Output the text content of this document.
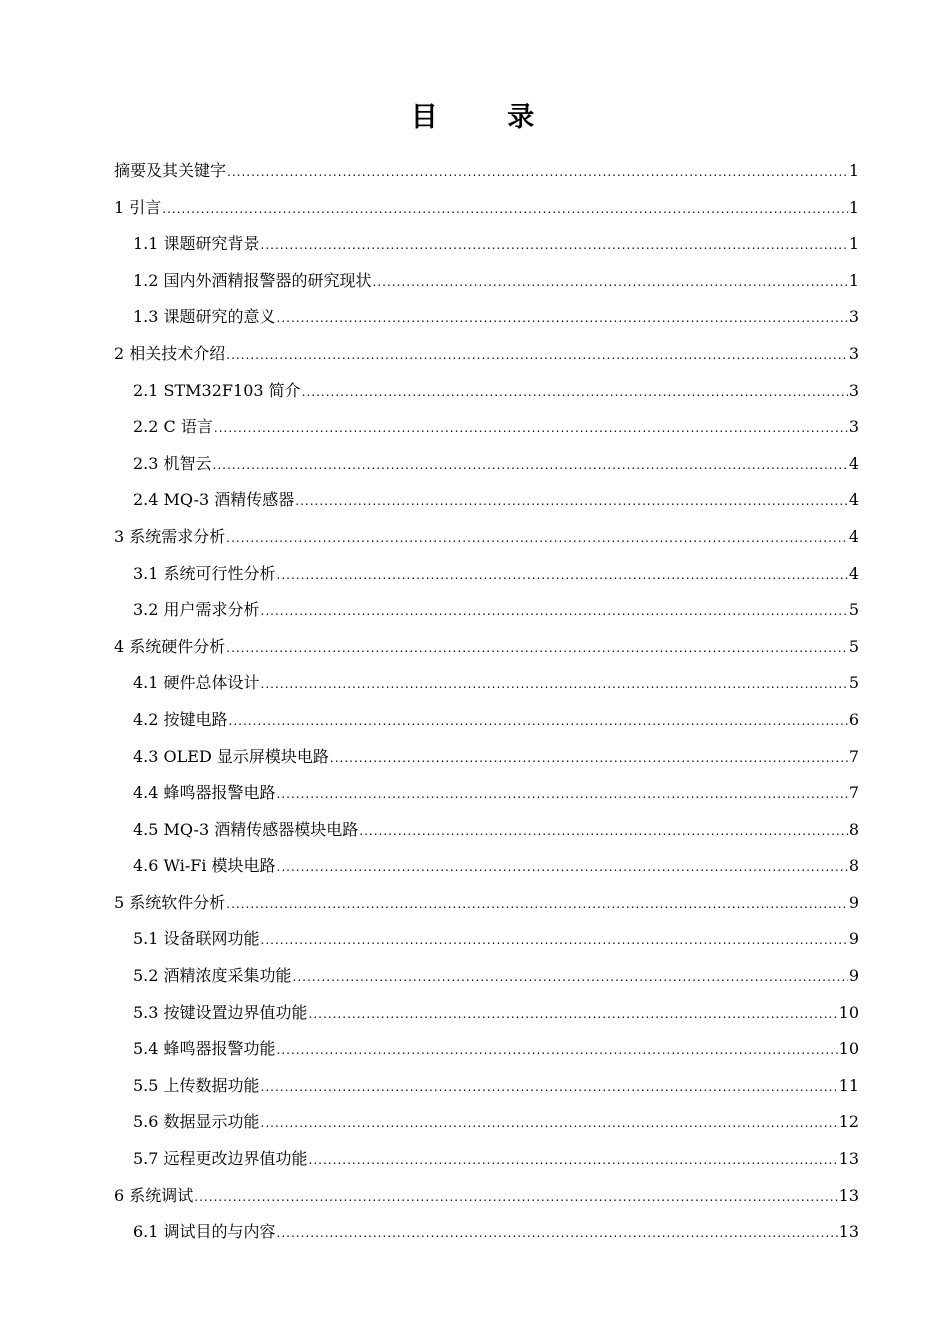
目 录
摘要及其关键字 .....	1
1 引言 .....	1
1.1 课题研究背景 .....	1
1.2 国内外酒精报警器的研究现状 .....	1
1.3 课题研究的意义 .....	3
2 相关技术介绍 .....	3
2.1 STM32F103 简介 .....	3
2.2 C 语言 .....	3
2.3 机智云 .....	4
2.4 MQ-3 酒精传感器 .....	4
3 系统需求分析 .....	4
3.1 系统可行性分析 .....	4
3.2 用户需求分析 .....	5
4 系统硬件分析 .....	5
4.1 硬件总体设计 .....	5
4.2 按键电路 .....	6
4.3 OLED 显示屏模块电路 .....	7
4.4 蜂鸣器报警电路 .....	7
4.5 MQ-3 酒精传感器模块电路 .....	8
4.6 Wi-Fi 模块电路 .....	8
5 系统软件分析 .....	9
5.1 设备联网功能 .....	9
5.2 酒精浓度采集功能 .....	9
5.3 按键设置边界值功能 .....	10
5.4 蜂鸣器报警功能 .....	10
5.5 上传数据功能 .....	11
5.6 数据显示功能 .....	12
5.7 远程更改边界值功能 .....	13
6 系统调试 .....	13
6.1 调试目的与内容 .....	13
